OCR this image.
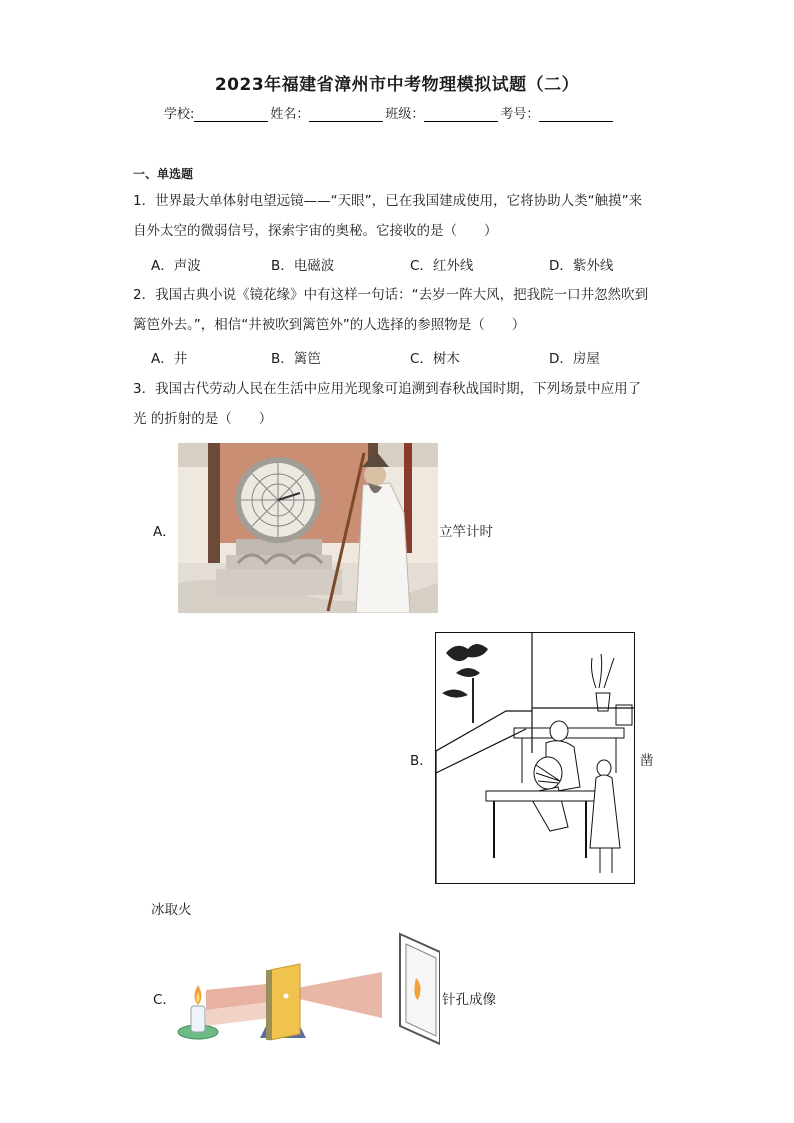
2023年福建省漳州市中考物理模拟试题（二）
学校:	姓名：	班级：	考号：
一、单选题
1．世界最大单体射电望远镜——“天眼”，已在我国建成使用，它将协助人类“触摸”来
自外太空的微弱信号，探索宇宙的奥秘。它接收的是（　　）
A．声波	B．电磁波	C．红外线	D．紫外线
2．我国古典小说《镜花缘》中有这样一句话：“去岁一阵大风，把我院一口井忽然吹到
篱笆外去。”，相信“井被吹到篱笆外”的人选择的参照物是（　　）
A．井	B．篱笆	C．树木	D．房屋
3．我国古代劳动人民在生活中应用光现象可追溯到春秋战国时期，下列场景中应用了
光 的折射的是（　　）
A．	立竿计时
B．	凿
冰取火
C．	针孔成像
